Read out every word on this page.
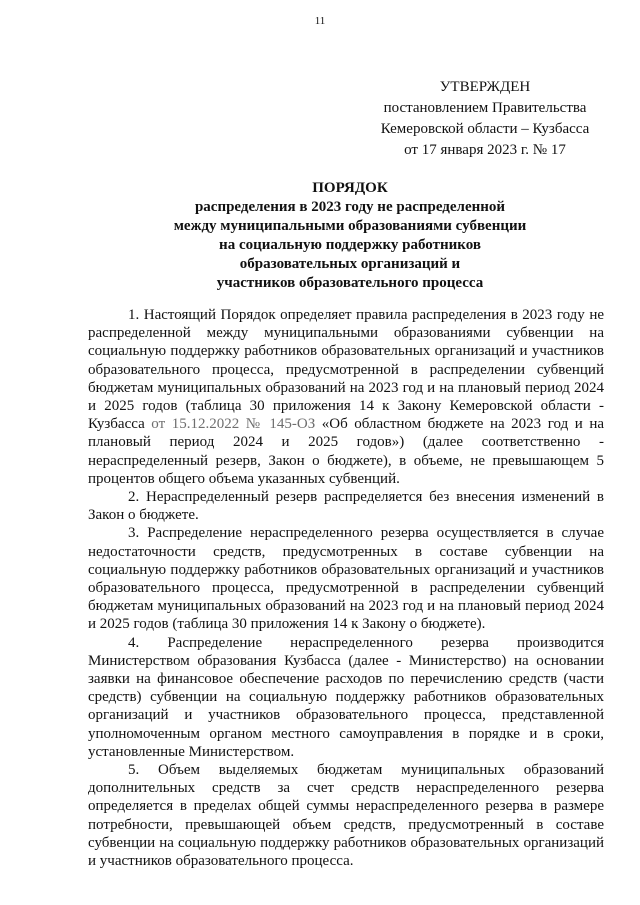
11
УТВЕРЖДЕН
постановлением Правительства
Кемеровской области – Кузбасса
от 17 января 2023 г. № 17
ПОРЯДОК
распределения в 2023 году не распределенной
между муниципальными образованиями субвенции
на социальную поддержку работников
образовательных организаций и
участников образовательного процесса

1. Настоящий Порядок определяет правила распределения в 2023 году не распределенной между муниципальными образованиями субвенции на социальную поддержку работников образовательных организаций и участников образовательного процесса, предусмотренной в распределении субвенций бюджетам муниципальных образований на 2023 год и на плановый период 2024 и 2025 годов (таблица 30 приложения 14 к Закону Кемеровской области - Кузбасса от 15.12.2022 № 145-ОЗ «Об областном бюджете на 2023 год и на плановый период 2024 и 2025 годов») (далее соответственно - нераспределенный резерв, Закон о бюджете), в объеме, не превышающем 5 процентов общего объема указанных субвенций.

2. Нераспределенный резерв распределяется без внесения изменений в Закон о бюджете.

3. Распределение нераспределенного резерва осуществляется в случае недостаточности средств, предусмотренных в составе субвенции на социальную поддержку работников образовательных организаций и участников образовательного процесса, предусмотренной в распределении субвенций бюджетам муниципальных образований на 2023 год и на плановый период 2024 и 2025 годов (таблица 30 приложения 14 к Закону о бюджете).

4. Распределение нераспределенного резерва производится Министерством образования Кузбасса (далее - Министерство) на основании заявки на финансовое обеспечение расходов по перечислению средств (части средств) субвенции на социальную поддержку работников образовательных организаций и участников образовательного процесса, представленной уполномоченным органом местного самоуправления в порядке и в сроки, установленные Министерством.

5. Объем выделяемых бюджетам муниципальных образований дополнительных средств за счет средств нераспределенного резерва определяется в пределах общей суммы нераспределенного резерва в размере потребности, превышающей объем средств, предусмотренный в составе субвенции на социальную поддержку работников образовательных организаций и участников образовательного процесса.
